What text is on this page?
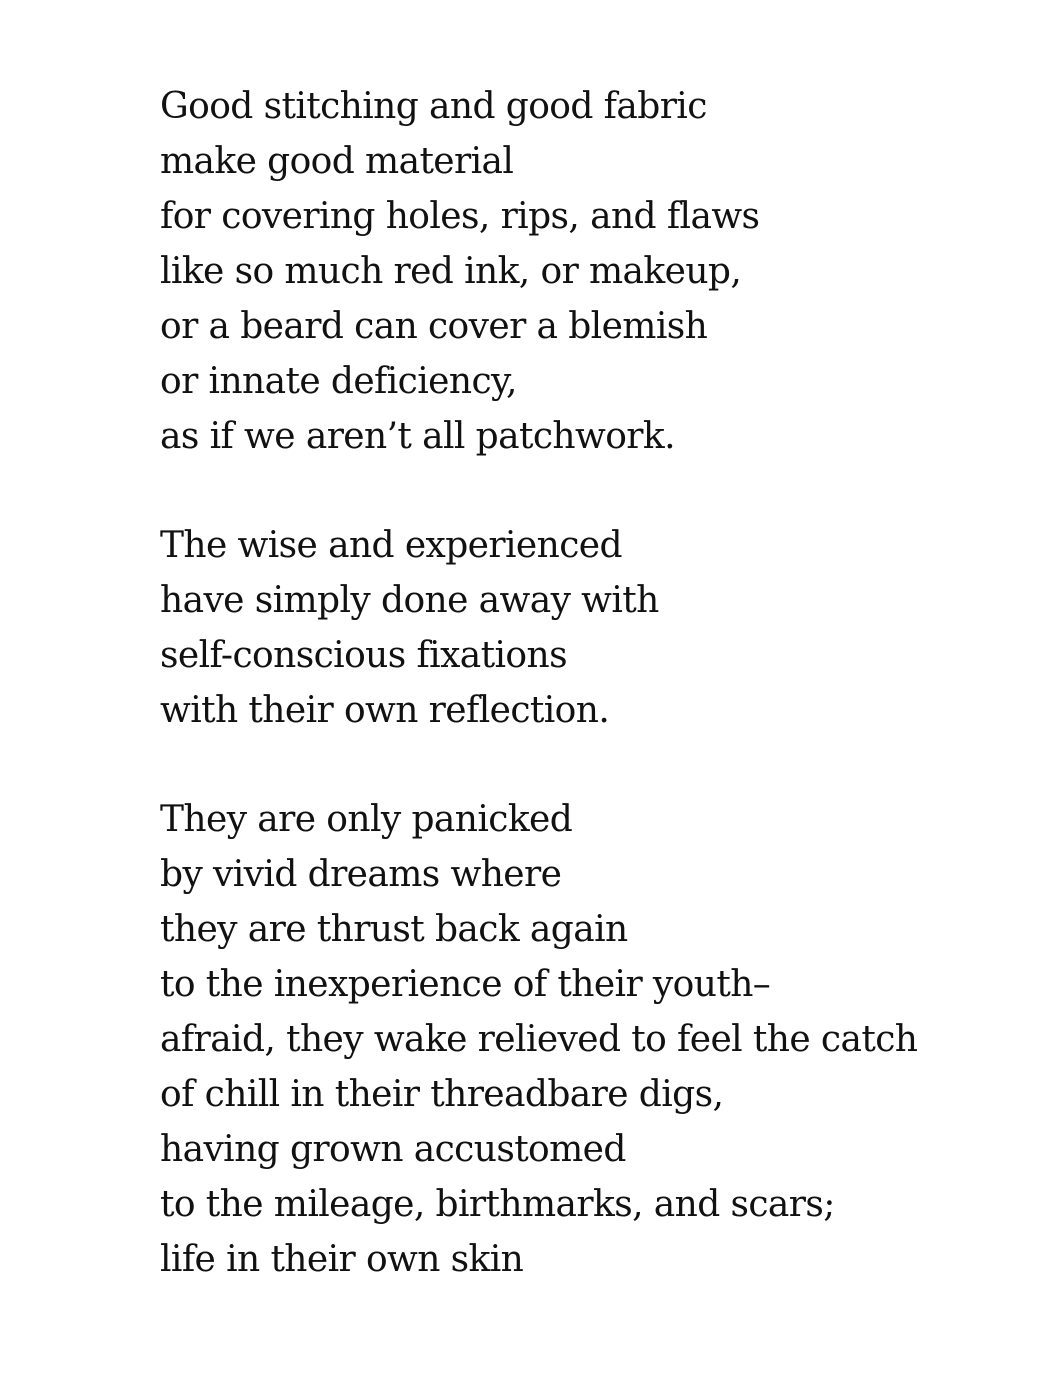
Good stitching and good fabric
make good material
for covering holes, rips, and flaws
like so much red ink, or makeup,
or a beard can cover a blemish
or innate deficiency,
as if we aren’t all patchwork.
The wise and experienced
have simply done away with
self-conscious fixations
with their own reflection.
They are only panicked
by vivid dreams where
they are thrust back again
to the inexperience of their youth–
afraid, they wake relieved to feel the catch
of chill in their threadbare digs,
having grown accustomed
to the mileage, birthmarks, and scars;
life in their own skin
